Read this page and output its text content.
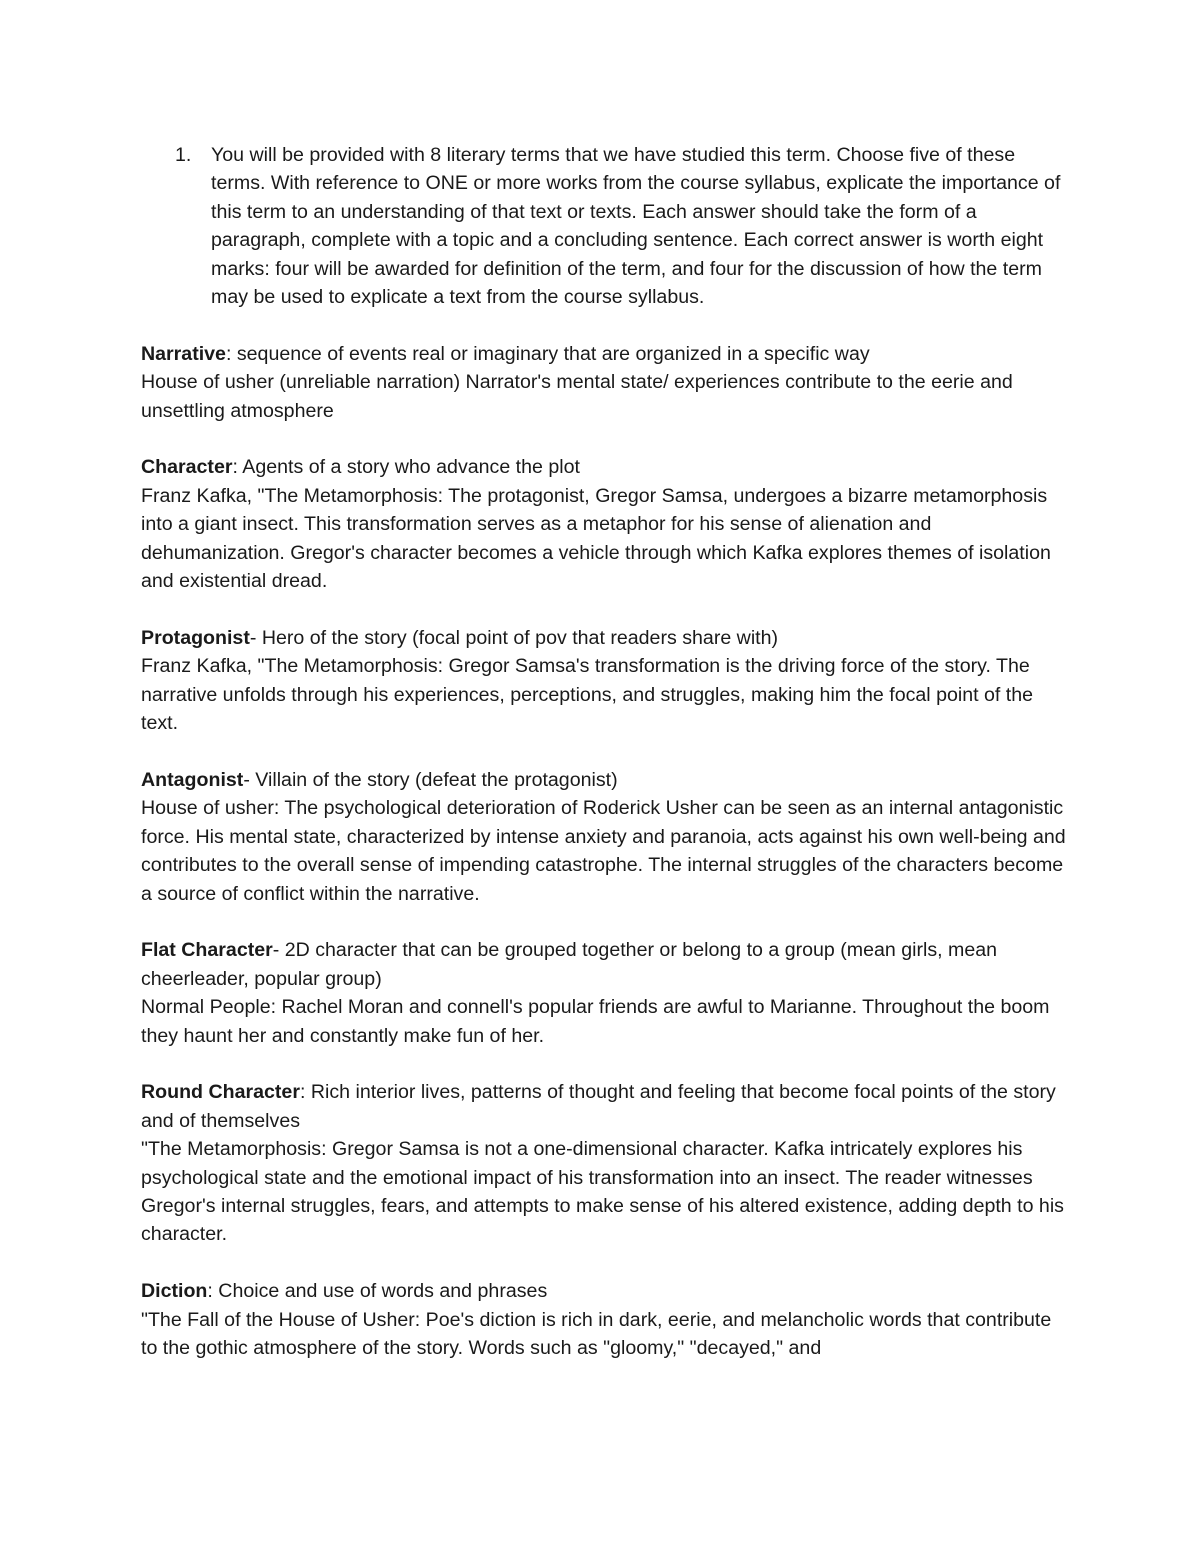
1.	You will be provided with 8 literary terms that we have studied this term. Choose five of these terms. With reference to ONE or more works from the course syllabus, explicate the importance of this term to an understanding of that text or texts. Each answer should take the form of a paragraph, complete with a topic and a concluding sentence. Each correct answer is worth eight marks: four will be awarded for definition of the term, and four for the discussion of how the term may be used to explicate a text from the course syllabus.

Narrative: sequence of events real or imaginary that are organized in a specific way

House of usher (unreliable narration) Narrator's mental state/ experiences contribute to the eerie and unsettling atmosphere

Character: Agents of a story who advance the plot

Franz Kafka, "The Metamorphosis: The protagonist, Gregor Samsa, undergoes a bizarre metamorphosis into a giant insect. This transformation serves as a metaphor for his sense of alienation and dehumanization. Gregor's character becomes a vehicle through which Kafka explores themes of isolation and existential dread.

Protagonist- Hero of the story (focal point of pov that readers share with)

Franz Kafka, "The Metamorphosis: Gregor Samsa's transformation is the driving force of the story. The narrative unfolds through his experiences, perceptions, and struggles, making him the focal point of the text.

Antagonist- Villain of the story (defeat the protagonist)

House of usher: The psychological deterioration of Roderick Usher can be seen as an internal antagonistic force. His mental state, characterized by intense anxiety and paranoia, acts against his own well-being and contributes to the overall sense of impending catastrophe. The internal struggles of the characters become a source of conflict within the narrative.

Flat Character- 2D character that can be grouped together or belong to a group (mean girls, mean cheerleader, popular group)

Normal People: Rachel Moran and connell's popular friends are awful to Marianne. Throughout the boom they haunt her and constantly make fun of her.

Round Character: Rich interior lives, patterns of thought and feeling that become focal points of the story and of themselves

"The Metamorphosis: Gregor Samsa is not a one-dimensional character. Kafka intricately explores his psychological state and the emotional impact of his transformation into an insect. The reader witnesses Gregor's internal struggles, fears, and attempts to make sense of his altered existence, adding depth to his character.

Diction: Choice and use of words and phrases

"The Fall of the House of Usher: Poe's diction is rich in dark, eerie, and melancholic words that contribute to the gothic atmosphere of the story. Words such as "gloomy," "decayed," and
